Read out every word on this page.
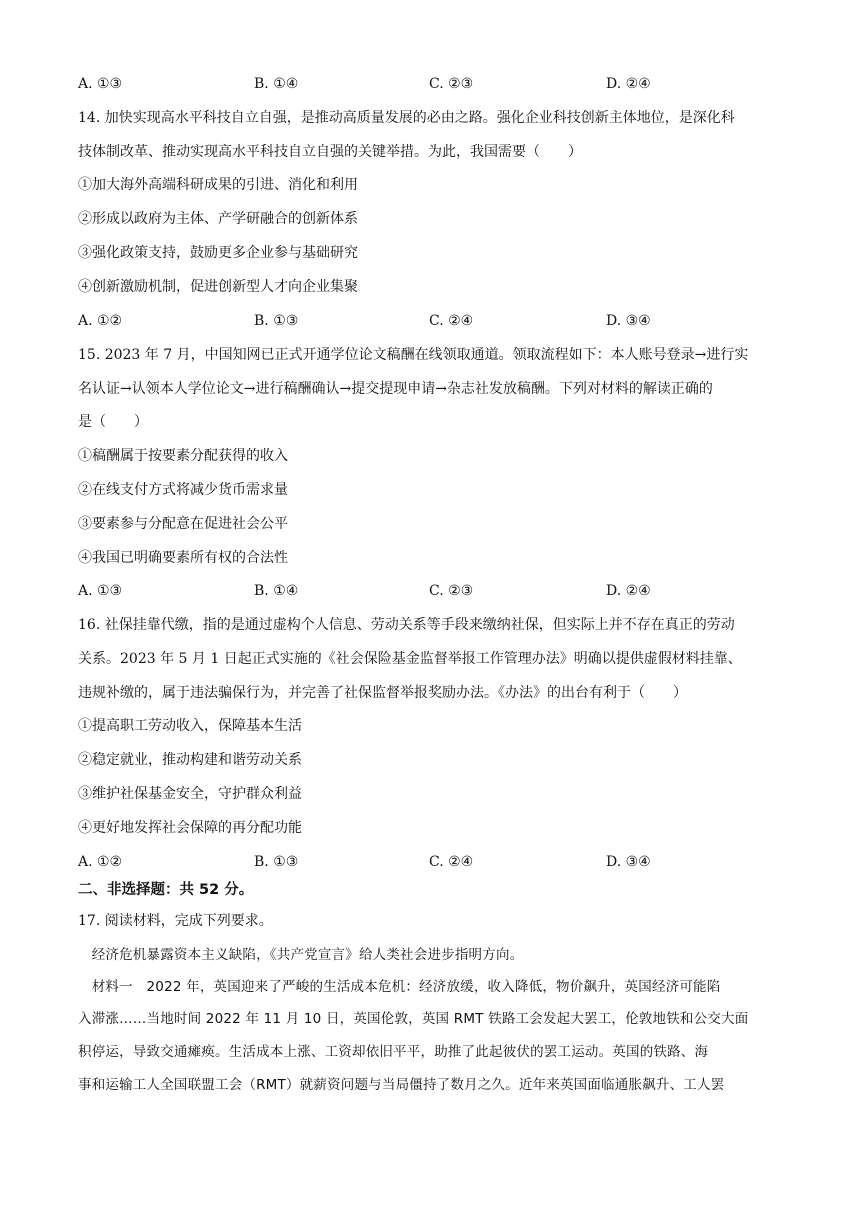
A. ①③	B. ①④	C. ②③	D. ②④
14. 加快实现高水平科技自立自强，是推动高质量发展的必由之路。强化企业科技创新主体地位，是深化科
技体制改革、推动实现高水平科技自立自强的关键举措。为此，我国需要（　　）
①加大海外高端科研成果的引进、消化和利用
②形成以政府为主体、产学研融合的创新体系
③强化政策支持，鼓励更多企业参与基础研究
④创新激励机制，促进创新型人才向企业集聚
A. ①②	B. ①③	C. ②④	D. ③④
15. 2023 年 7 月，中国知网已正式开通学位论文稿酬在线领取通道。领取流程如下：本人账号登录→进行实
名认证→认领本人学位论文→进行稿酬确认→提交提现申请→杂志社发放稿酬。下列对材料的解读正确的
是（　　）
①稿酬属于按要素分配获得的收入
②在线支付方式将减少货币需求量
③要素参与分配意在促进社会公平
④我国已明确要素所有权的合法性
A. ①③	B. ①④	C. ②③	D. ②④
16. 社保挂靠代缴，指的是通过虚构个人信息、劳动关系等手段来缴纳社保，但实际上并不存在真正的劳动
关系。2023 年 5 月 1 日起正式实施的《社会保险基金监督举报工作管理办法》明确以提供虚假材料挂靠、
违规补缴的，属于违法骗保行为，并完善了社保监督举报奖励办法。《办法》的出台有利于（　　）
①提高职工劳动收入，保障基本生活
②稳定就业，推动构建和谐劳动关系
③维护社保基金安全，守护群众利益
④更好地发挥社会保障的再分配功能
A. ①②	B. ①③	C. ②④	D. ③④
二、非选择题：共 52 分。
17. 阅读材料，完成下列要求。
　经济危机暴露资本主义缺陷，《共产党宣言》给人类社会进步指明方向。
　材料一　2022 年，英国迎来了严峻的生活成本危机：经济放缓，收入降低，物价飙升，英国经济可能陷
入滞涨……当地时间 2022 年 11 月 10 日，英国伦敦，英国 RMT 铁路工会发起大罢工，伦敦地铁和公交大面
积停运，导致交通瘫痪。生活成本上涨、工资却依旧平平，助推了此起彼伏的罢工运动。英国的铁路、海
事和运输工人全国联盟工会（RMT）就薪资问题与当局僵持了数月之久。近年来英国面临通胀飙升、工人罢
